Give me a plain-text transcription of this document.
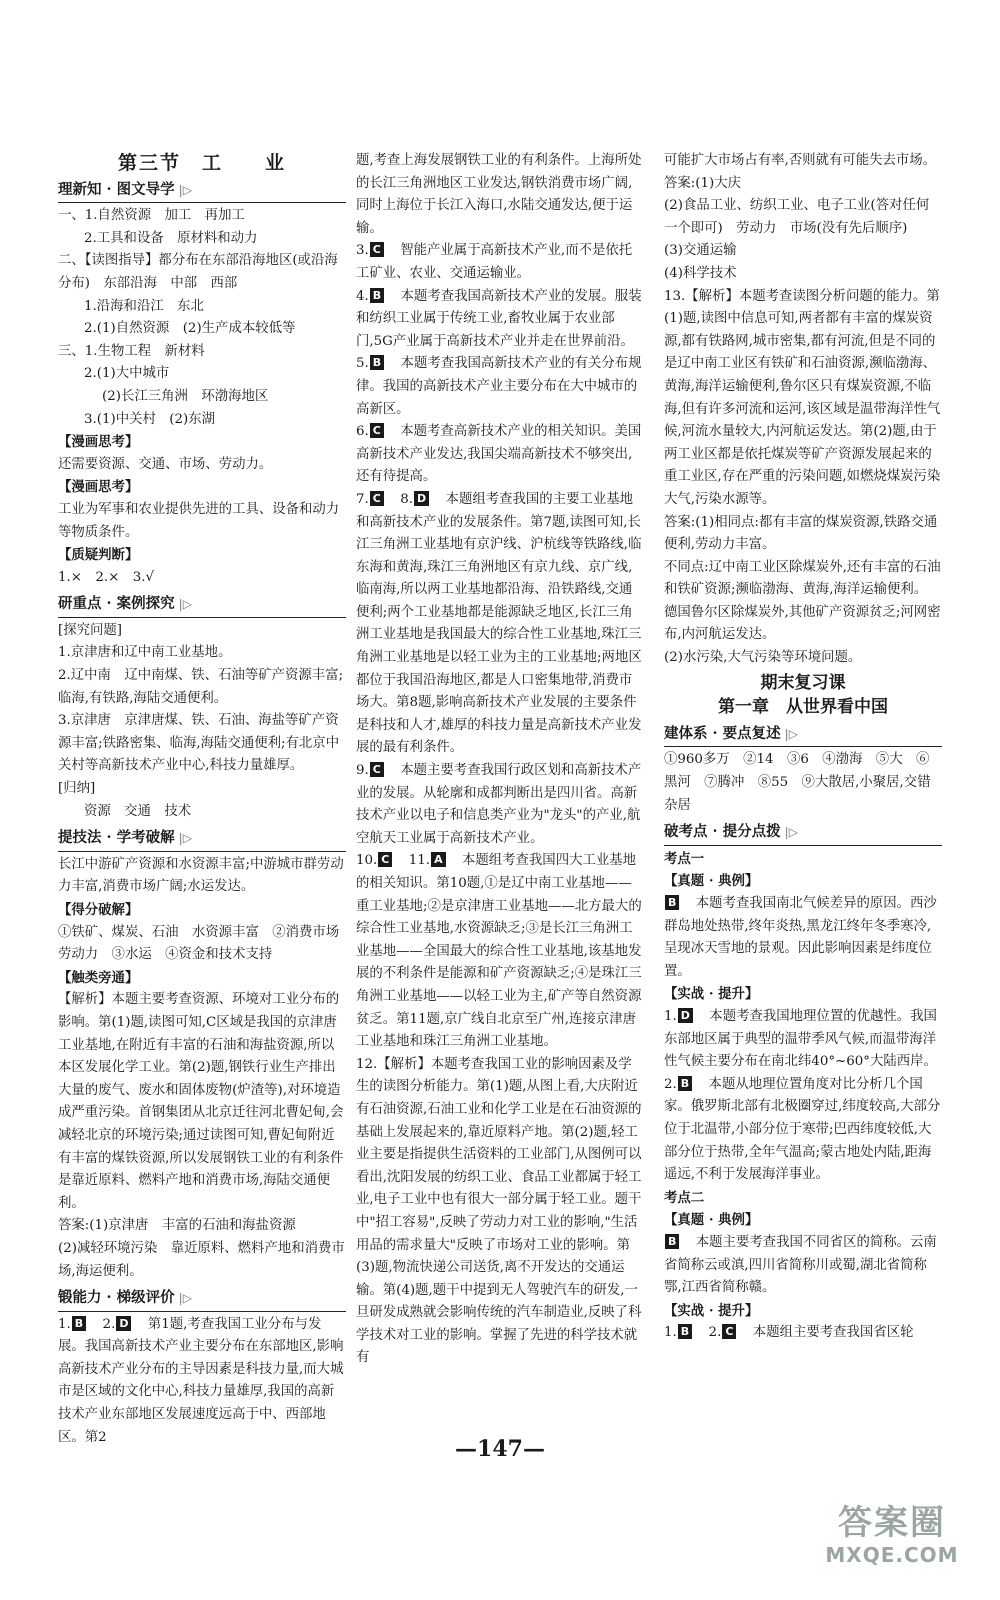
第三节　工　　业
理新知 · 图文导学 |▷

一、1.自然资源　加工　再加工

2.工具和设备　原材料和动力

二、【读图指导】都分布在东部沿海地区(或沿海分布)　东部沿海　中部　西部

1.沿海和沿江　东北

2.(1)自然资源　(2)生产成本较低等

三、1.生物工程　新材料

2.(1)大中城市

(2)长江三角洲　环渤海地区

3.(1)中关村　(2)东湖

【漫画思考】

还需要资源、交通、市场、劳动力。

【漫画思考】

工业为军事和农业提供先进的工具、设备和动力等物质条件。

【质疑判断】

1.×　2.×　3.√

研重点 · 案例探究 |▷

[探究问题]

1.京津唐和辽中南工业基地。

2.辽中南　辽中南煤、铁、石油等矿产资源丰富;临海,有铁路,海陆交通便利。

3.京津唐　京津唐煤、铁、石油、海盐等矿产资源丰富;铁路密集、临海,海陆交通便利;有北京中关村等高新技术产业中心,科技力量雄厚。

[归纳]

资源　交通　技术

提技法 · 学考破解 |▷

长江中游矿产资源和水资源丰富;中游城市群劳动力丰富,消费市场广阔;水运发达。

【得分破解】

①铁矿、煤炭、石油　水资源丰富　②消费市场　劳动力　③水运　④资金和技术支持

【触类旁通】

【解析】本题主要考查资源、环境对工业分布的影响。第(1)题,读图可知,C区域是我国的京津唐工业基地,在附近有丰富的石油和海盐资源,所以本区发展化学工业。第(2)题,钢铁行业生产排出大量的废气、废水和固体废物(炉渣等),对环境造成严重污染。首钢集团从北京迁往河北曹妃甸,会减轻北京的环境污染;通过读图可知,曹妃甸附近有丰富的煤铁资源,所以发展钢铁工业的有利条件是靠近原料、燃料产地和消费市场,海陆交通便利。

答案:(1)京津唐　丰富的石油和海盐资源

(2)减轻环境污染　靠近原料、燃料产地和消费市场,海运便利。

锻能力 · 梯级评价 |▷

1. B　2. D　第1题,考查我国工业分布与发展。我国高新技术产业主要分布在东部地区,影响高新技术产业分布的主导因素是科技力量,而大城市是区域的文化中心,科技力量雄厚,我国的高新技术产业东部地区发展速度远高于中、西部地区。第2

题,考查上海发展钢铁工业的有利条件。上海所处的长江三角洲地区工业发达,钢铁消费市场广阔,同时上海位于长江入海口,水陆交通发达,便于运输。

3. C　智能产业属于高新技术产业,而不是依托工矿业、农业、交通运输业。

4. B　本题考查我国高新技术产业的发展。服装和纺织工业属于传统工业,畜牧业属于农业部门,5G产业属于高新技术产业并走在世界前沿。

5. B　本题考查我国高新技术产业的有关分布规律。我国的高新技术产业主要分布在大中城市的高新区。

6. C　本题考查高新技术产业的相关知识。美国高新技术产业发达,我国尖端高新技术不够突出,还有待提高。

7. C　8. D　本题组考查我国的主要工业基地和高新技术产业的发展条件。第7题,读图可知,长江三角洲工业基地有京沪线、沪杭线等铁路线,临东海和黄海,珠江三角洲地区有京九线、京广线,临南海,所以两工业基地都沿海、沿铁路线,交通便利;两个工业基地都是能源缺乏地区,长江三角洲工业基地是我国最大的综合性工业基地,珠江三角洲工业基地是以轻工业为主的工业基地;两地区都位于我国沿海地区,都是人口密集地带,消费市场大。第8题,影响高新技术产业发展的主要条件是科技和人才,雄厚的科技力量是高新技术产业发展的最有利条件。

9. C　本题主要考查我国行政区划和高新技术产业的发展。从轮廓和成都判断出是四川省。高新技术产业以电子和信息类产业为"龙头"的产业,航空航天工业属于高新技术产业。

10. C　11. A　本题组考查我国四大工业基地的相关知识。第10题,①是辽中南工业基地——重工业基地;②是京津唐工业基地——北方最大的综合性工业基地,水资源缺乏;③是长江三角洲工业基地——全国最大的综合性工业基地,该基地发展的不利条件是能源和矿产资源缺乏;④是珠江三角洲工业基地——以轻工业为主,矿产等自然资源贫乏。第11题,京广线自北京至广州,连接京津唐工业基地和珠江三角洲工业基地。

12.【解析】本题考查我国工业的影响因素及学生的读图分析能力。第(1)题,从图上看,大庆附近有石油资源,石油工业和化学工业是在石油资源的基础上发展起来的,靠近原料产地。第(2)题,轻工业主要是指提供生活资料的工业部门,从图例可以看出,沈阳发展的纺织工业、食品工业都属于轻工业,电子工业中也有很大一部分属于轻工业。题干中"招工容易",反映了劳动力对工业的影响,"生活用品的需求量大"反映了市场对工业的影响。第(3)题,物流快递公司送货,离不开发达的交通运输。第(4)题,题干中提到无人驾驶汽车的研发,一旦研发成熟就会影响传统的汽车制造业,反映了科学技术对工业的影响。掌握了先进的科学技术就有

可能扩大市场占有率,否则就有可能失去市场。

答案:(1)大庆

(2)食品工业、纺织工业、电子工业(答对任何一个即可)　劳动力　市场(没有先后顺序)

(3)交通运输

(4)科学技术

13.【解析】本题考查读图分析问题的能力。第(1)题,读图中信息可知,两者都有丰富的煤炭资源,都有铁路网,城市密集,都有河流,但是不同的是辽中南工业区有铁矿和石油资源,濒临渤海、黄海,海洋运输便利,鲁尔区只有煤炭资源,不临海,但有许多河流和运河,该区域是温带海洋性气候,河流水量较大,内河航运发达。第(2)题,由于两工业区都是依托煤炭等矿产资源发展起来的重工业区,存在严重的污染问题,如燃烧煤炭污染大气,污染水源等。

答案:(1)相同点:都有丰富的煤炭资源,铁路交通便利,劳动力丰富。

不同点:辽中南工业区除煤炭外,还有丰富的石油和铁矿资源;濒临渤海、黄海,海洋运输便利。

德国鲁尔区除煤炭外,其他矿产资源贫乏;河网密布,内河航运发达。

(2)水污染,大气污染等环境问题。

期末复习课
第一章　从世界看中国
建体系 · 要点复述 |▷

①960多万　②14　③6　④渤海　⑤大　⑥黑河　⑦腾冲　⑧55　⑨大散居,小聚居,交错杂居

破考点 · 提分点拨 |▷

考点一

【真题 · 典例】

B　本题考查我国南北气候差异的原因。西沙群岛地处热带,终年炎热,黑龙江终年冬季寒冷,呈现冰天雪地的景观。因此影响因素是纬度位置。

【实战 · 提升】

1. D　本题考查我国地理位置的优越性。我国东部地区属于典型的温带季风气候,而温带海洋性气候主要分布在南北纬40°~60°大陆西岸。

2. B　本题从地理位置角度对比分析几个国家。俄罗斯北部有北极圈穿过,纬度较高,大部分位于北温带,小部分位于寒带;巴西纬度较低,大部分位于热带,全年气温高;蒙古地处内陆,距海遥远,不利于发展海洋事业。

考点二

【真题 · 典例】

B　本题主要考查我国不同省区的简称。云南省简称云或滇,四川省简称川或蜀,湖北省简称鄂,江西省简称赣。

【实战 · 提升】

1. B　2. C　本题组主要考查我国省区轮

—147—
答案圈
MXQE.COM
